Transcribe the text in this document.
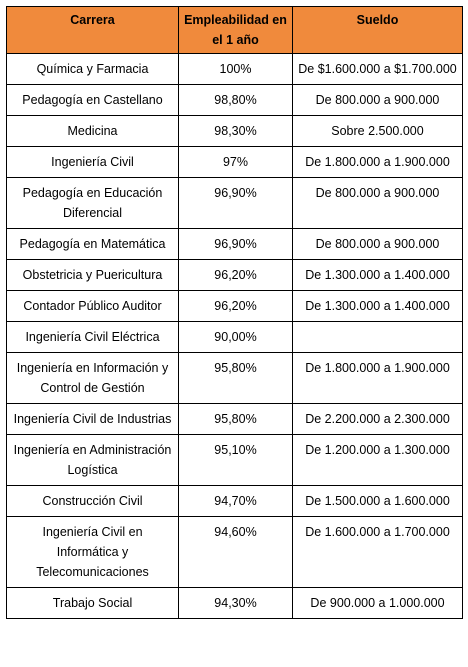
Carrera	Empleabilidad en el 1 año	Sueldo
Química y Farmacia	100%	De $1.600.000 a $1.700.000
Pedagogía en Castellano	98,80%	De 800.000 a 900.000
Medicina	98,30%	Sobre 2.500.000
Ingeniería Civil	97%	De 1.800.000 a 1.900.000
Pedagogía en Educación Diferencial	96,90%	De 800.000 a 900.000
Pedagogía en Matemática	96,90%	De 800.000 a 900.000
Obstetricia y Puericultura	96,20%	De 1.300.000 a 1.400.000
Contador Público Auditor	96,20%	De 1.300.000 a 1.400.000
Ingeniería Civil Eléctrica	90,00%	
Ingeniería en Información y Control de Gestión	95,80%	De 1.800.000 a 1.900.000
Ingeniería Civil de Industrias	95,80%	De 2.200.000 a 2.300.000
Ingeniería en Administración Logística	95,10%	De 1.200.000 a 1.300.000
Construcción Civil	94,70%	De 1.500.000 a 1.600.000
Ingeniería Civil en Informática y Telecomunicaciones	94,60%	De 1.600.000 a 1.700.000
Trabajo Social	94,30%	De 900.000 a 1.000.000
